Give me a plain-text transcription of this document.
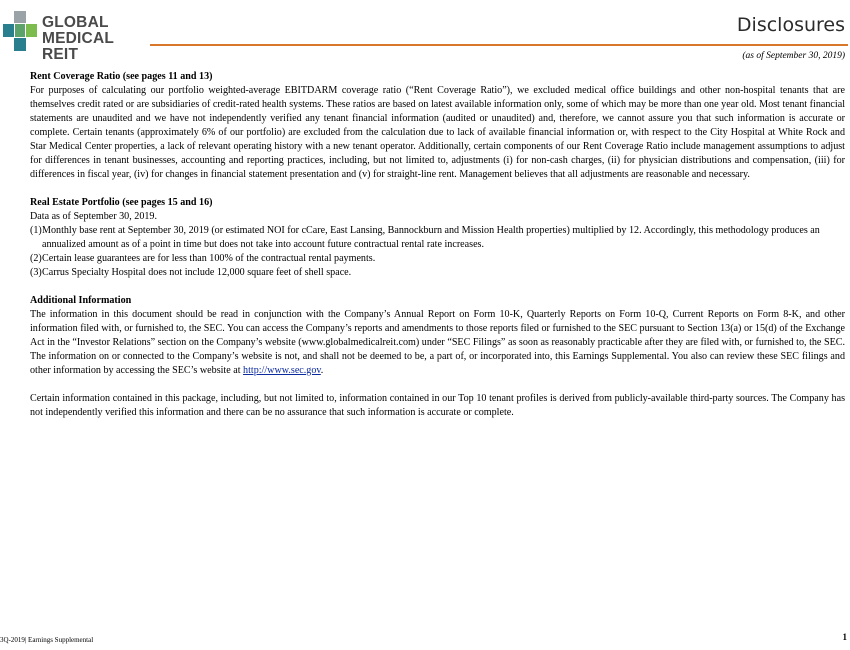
GLOBAL
MEDICAL REIT
Disclosures
(as of September 30, 2019)
Rent Coverage Ratio (see pages 11 and 13)

For purposes of calculating our portfolio weighted-average EBITDARM coverage ratio (“Rent Coverage Ratio”), we excluded medical office buildings and other non-hospital tenants that are themselves credit rated or are subsidiaries of credit-rated health systems. These ratios are based on latest available information only, some of which may be more than one year old. Most tenant financial statements are unaudited and we have not independently verified any tenant financial information (audited or unaudited) and, therefore, we cannot assure you that such information is accurate or complete. Certain tenants (approximately 6% of our portfolio) are excluded from the calculation due to lack of available financial information or, with respect to the City Hospital at White Rock and Star Medical Center properties, a lack of relevant operating history with a new tenant operator. Additionally, certain components of our Rent Coverage Ratio include management assumptions to adjust for differences in tenant businesses, accounting and reporting practices, including, but not limited to, adjustments (i) for non-cash charges, (ii) for physician distributions and compensation, (iii) for differences in fiscal year, (iv) for changes in financial statement presentation and (v) for straight-line rent. Management believes that all adjustments are reasonable and necessary.

Real Estate Portfolio (see pages 15 and 16)
Data as of September 30, 2019.
(1) Monthly base rent at September 30, 2019 (or estimated NOI for cCare, East Lansing, Bannockburn and Mission Health properties) multiplied by 12. Accordingly, this methodology produces an annualized amount as of a point in time but does not take into account future contractual rental rate increases.
(2) Certain lease guarantees are for less than 100% of the contractual rental payments.
(3) Carrus Specialty Hospital does not include 12,000 square feet of shell space.
Additional Information

The information in this document should be read in conjunction with the Company’s Annual Report on Form 10-K, Quarterly Reports on Form 10-Q, Current Reports on Form 8-K, and other information filed with, or furnished to, the SEC. You can access the Company’s reports and amendments to those reports filed or furnished to the SEC pursuant to Section 13(a) or 15(d) of the Exchange Act in the “Investor Relations” section on the Company’s website (www.globalmedicalreit.com) under “SEC Filings” as soon as reasonably practicable after they are filed with, or furnished to, the SEC. The information on or connected to the Company’s website is not, and shall not be deemed to be, a part of, or incorporated into, this Earnings Supplemental. You also can review these SEC filings and other information by accessing the SEC’s website at http://www.sec.gov.

Certain information contained in this package, including, but not limited to, information contained in our Top 10 tenant profiles is derived from publicly-available third-party sources. The Company has not independently verified this information and there can be no assurance that such information is accurate or complete.

3Q-2019| Earnings Supplemental	1
